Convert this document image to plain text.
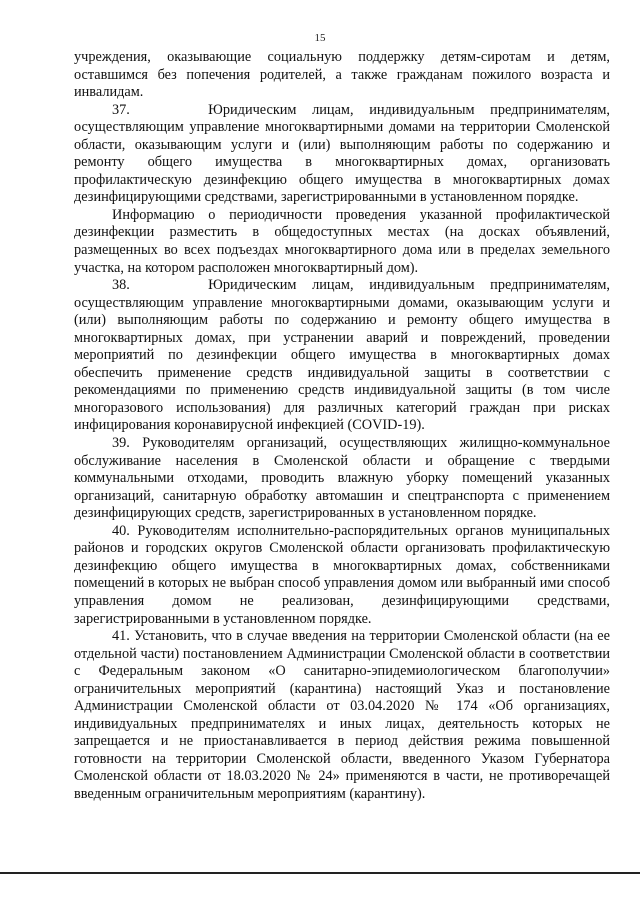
15

учреждения, оказывающие социальную поддержку детям-сиротам и детям, оставшимся без попечения родителей, а также гражданам пожилого возраста и инвалидам.

37.     Юридическим лицам, индивидуальным предпринимателям, осуществляющим управление многоквартирными домами на территории Смоленской области, оказывающим услуги и (или) выполняющим работы по содержанию и ремонту общего имущества в многоквартирных домах, организовать профилактическую дезинфекцию общего имущества в многоквартирных домах дезинфицирующими средствами, зарегистрированными в установленном порядке.

Информацию о периодичности проведения указанной профилактической дезинфекции разместить в общедоступных местах (на досках объявлений, размещенных во всех подъездах многоквартирного дома или в пределах земельного участка, на котором расположен многоквартирный дом).

38.     Юридическим лицам, индивидуальным предпринимателям, осуществляющим управление многоквартирными домами, оказывающим услуги и (или) выполняющим работы по содержанию и ремонту общего имущества в многоквартирных домах, при устранении аварий и повреждений, проведении мероприятий по дезинфекции общего имущества в многоквартирных домах обеспечить применение средств индивидуальной защиты в соответствии с рекомендациями по применению средств индивидуальной защиты (в том числе многоразового использования) для различных категорий граждан при рисках инфицирования коронавирусной инфекцией (COVID-19).

39. Руководителям организаций, осуществляющих жилищно-коммунальное обслуживание населения в Смоленской области и обращение с твердыми коммунальными отходами, проводить влажную уборку помещений указанных организаций, санитарную обработку автомашин и спецтранспорта с применением дезинфицирующих средств, зарегистрированных в установленном порядке.

40. Руководителям исполнительно-распорядительных органов муниципальных районов и городских округов Смоленской области организовать профилактическую дезинфекцию общего имущества в многоквартирных домах, собственниками помещений в которых не выбран способ управления домом или выбранный ими способ управления домом не реализован, дезинфицирующими средствами, зарегистрированными в установленном порядке.

41. Установить, что в случае введения на территории Смоленской области (на ее отдельной части) постановлением Администрации Смоленской области в соответствии с Федеральным законом «О санитарно-эпидемиологическом благополучии» ограничительных мероприятий (карантина) настоящий Указ и постановление Администрации Смоленской области от 03.04.2020 № 174 «Об организациях, индивидуальных предпринимателях и иных лицах, деятельность которых не запрещается и не приостанавливается в период действия режима повышенной готовности на территории Смоленской области, введенного Указом Губернатора Смоленской области от 18.03.2020 № 24» применяются в части, не противоречащей введенным ограничительным мероприятиям (карантину).
